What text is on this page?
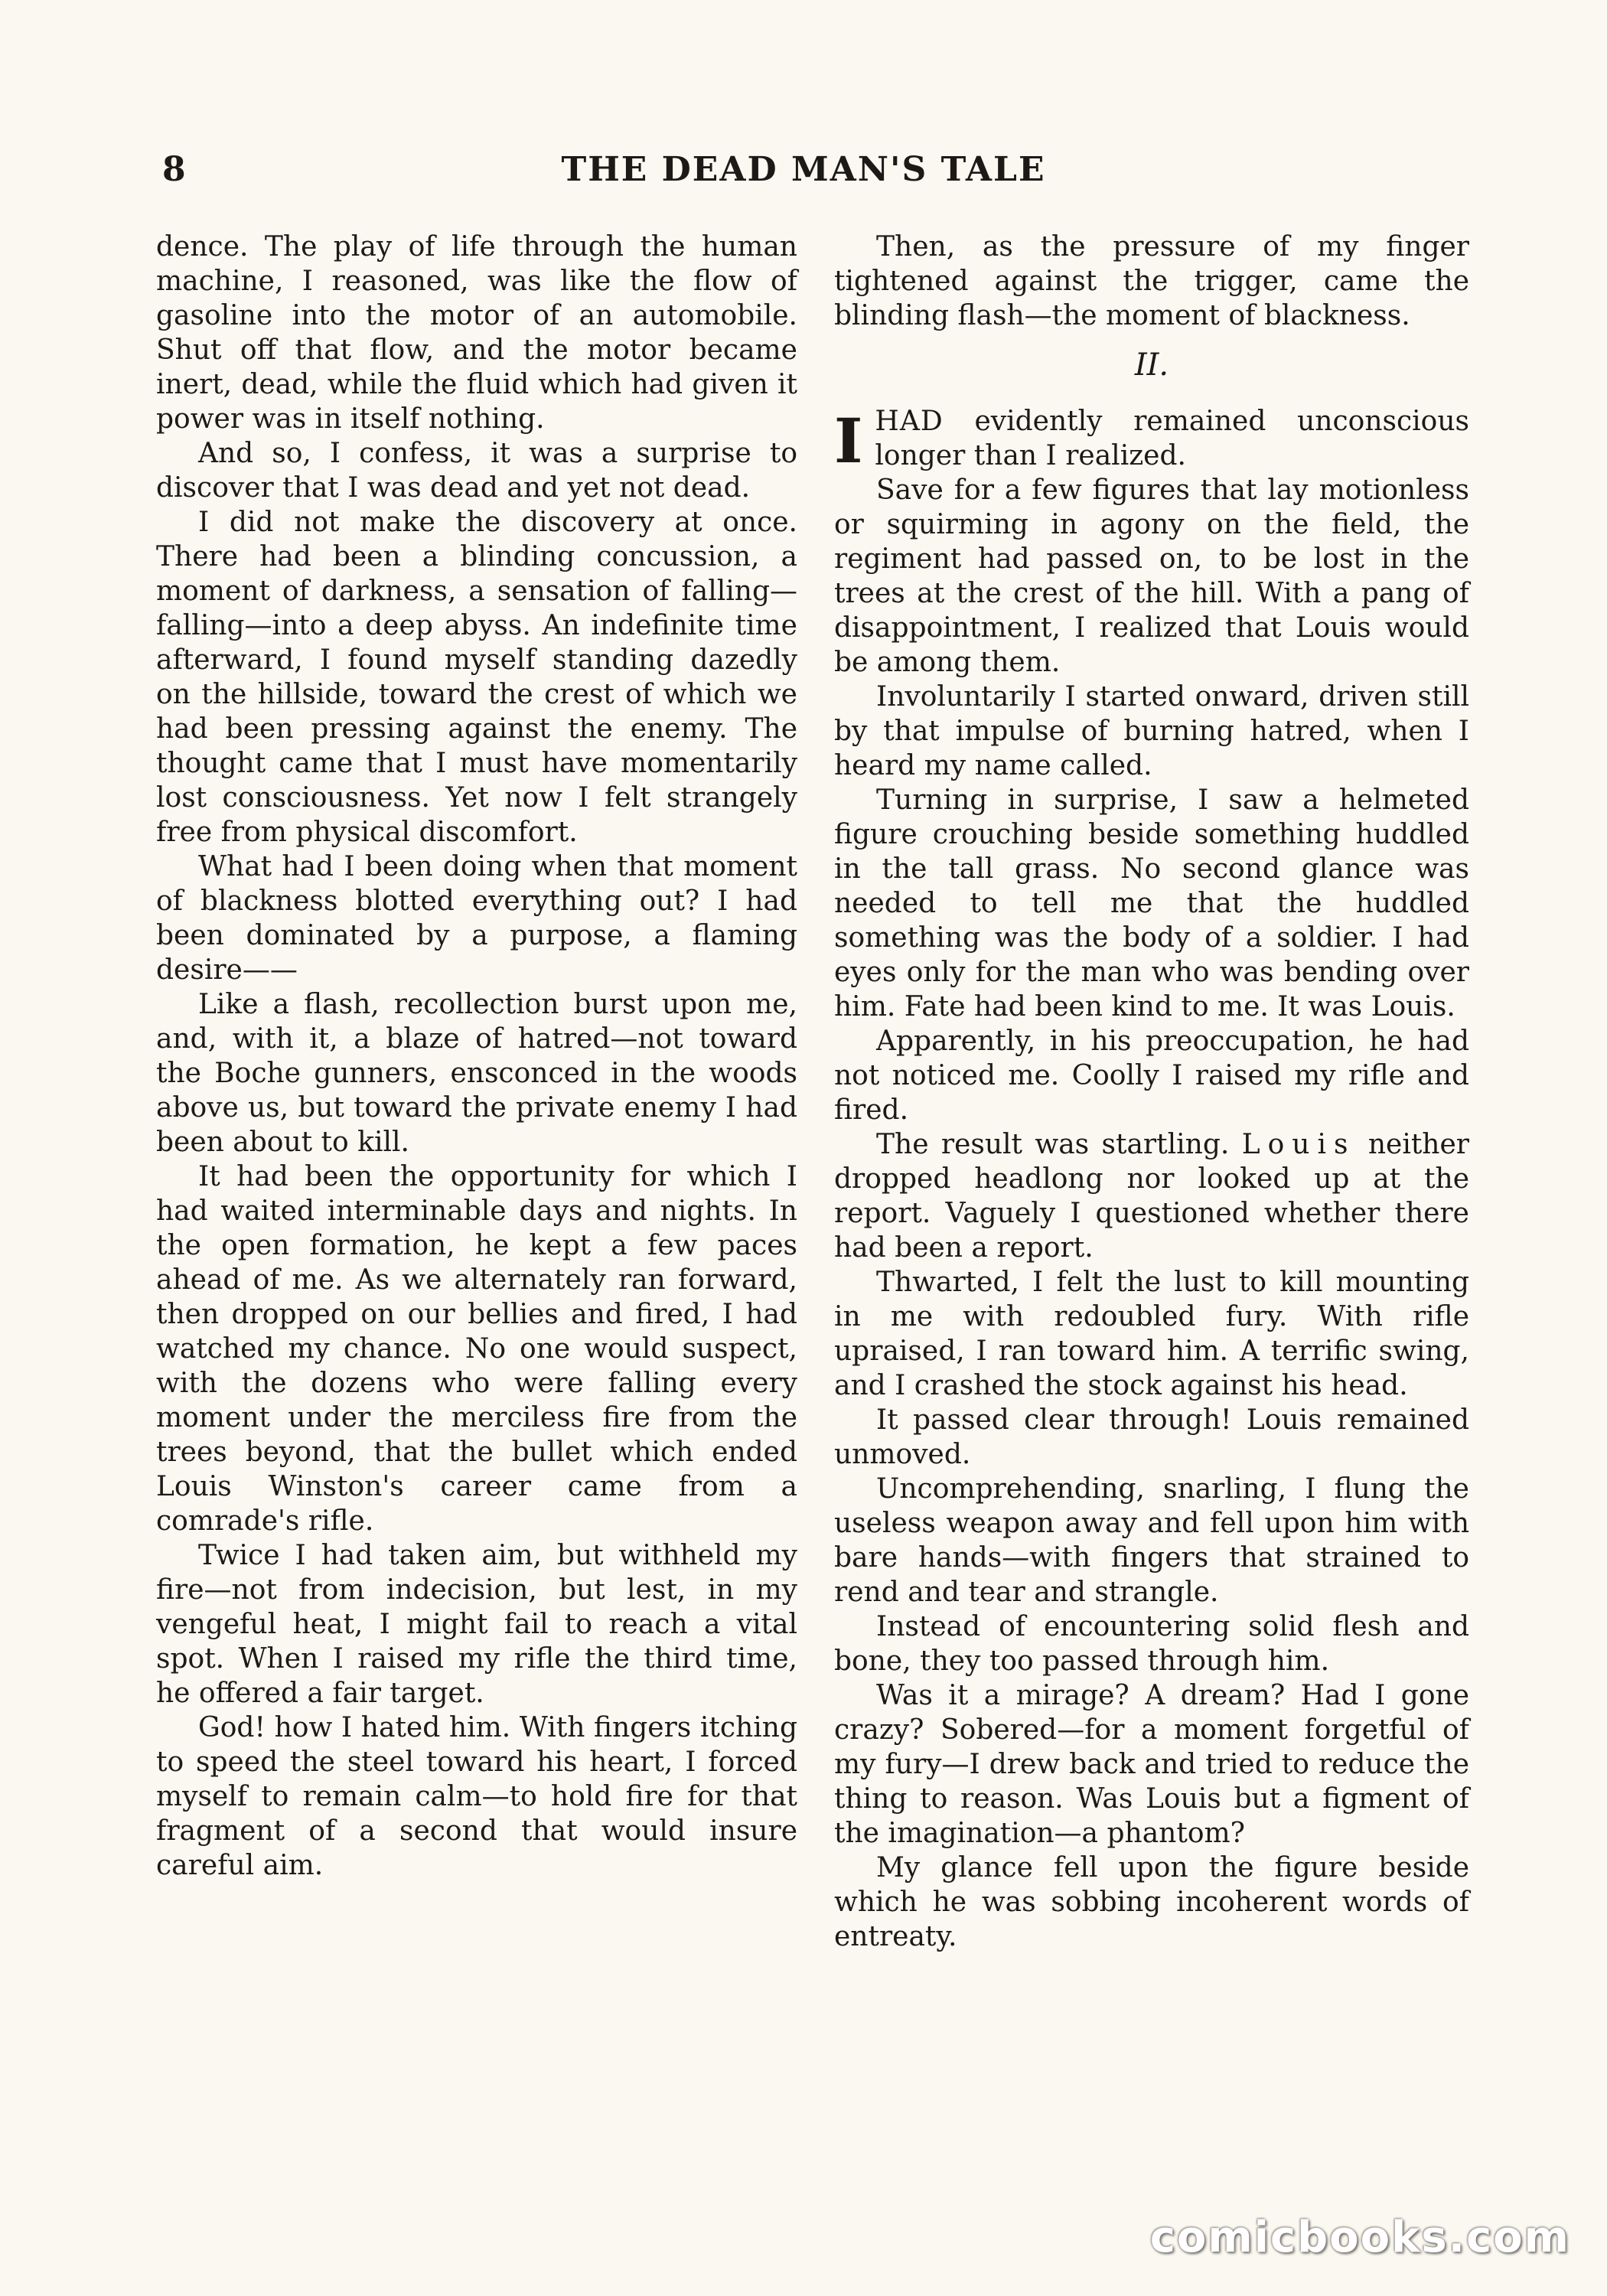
8	THE DEAD MAN'S TALE

dence. The play of life through the human machine, I reasoned, was like the flow of gasoline into the motor of an automobile. Shut off that flow, and the motor became inert, dead, while the fluid which had given it power was in itself nothing.

And so, I confess, it was a surprise to discover that I was dead and yet not dead.

I did not make the discovery at once. There had been a blinding concussion, a moment of darkness, a sensation of falling—falling—into a deep abyss. An indefinite time afterward, I found myself standing dazedly on the hillside, toward the crest of which we had been pressing against the enemy. The thought came that I must have momentarily lost consciousness. Yet now I felt strangely free from physical discomfort.

What had I been doing when that moment of blackness blotted everything out? I had been dominated by a purpose, a flaming desire——

Like a flash, recollection burst upon me, and, with it, a blaze of hatred—not toward the Boche gunners, ensconced in the woods above us, but toward the private enemy I had been about to kill.

It had been the opportunity for which I had waited interminable days and nights. In the open formation, he kept a few paces ahead of me. As we alternately ran forward, then dropped on our bellies and fired, I had watched my chance. No one would suspect, with the dozens who were falling every moment under the merciless fire from the trees beyond, that the bullet which ended Louis Winston's career came from a comrade's rifle.

Twice I had taken aim, but withheld my fire—not from indecision, but lest, in my vengeful heat, I might fail to reach a vital spot. When I raised my rifle the third time, he offered a fair target.

God! how I hated him. With fingers itching to speed the steel toward his heart, I forced myself to remain calm—to hold fire for that fragment of a second that would insure careful aim.

Then, as the pressure of my finger tightened against the trigger, came the blinding flash—the moment of blackness.

II.

IHAD evidently remained unconscious longer than I realized.

Save for a few figures that lay motionless or squirming in agony on the field, the regiment had passed on, to be lost in the trees at the crest of the hill. With a pang of disappointment, I realized that Louis would be among them.

Involuntarily I started onward, driven still by that impulse of burning hatred, when I heard my name called.

Turning in surprise, I saw a helmeted figure crouching beside something huddled in the tall grass. No second glance was needed to tell me that the huddled something was the body of a soldier. I had eyes only for the man who was bending over him. Fate had been kind to me. It was Louis.

Apparently, in his preoccupation, he had not noticed me. Coolly I raised my rifle and fired.

The result was startling. Louis neither dropped headlong nor looked up at the report. Vaguely I questioned whether there had been a report.

Thwarted, I felt the lust to kill mounting in me with redoubled fury. With rifle upraised, I ran toward him. A terrific swing, and I crashed the stock against his head.

It passed clear through! Louis remained unmoved.

Uncomprehending, snarling, I flung the useless weapon away and fell upon him with bare hands—with fingers that strained to rend and tear and strangle.

Instead of encountering solid flesh and bone, they too passed through him.

Was it a mirage? A dream? Had I gone crazy? Sobered—for a moment forgetful of my fury—I drew back and tried to reduce the thing to reason. Was Louis but a figment of the imagination—a phantom?

My glance fell upon the figure beside which he was sobbing incoherent words of entreaty.

comicbooks.com
